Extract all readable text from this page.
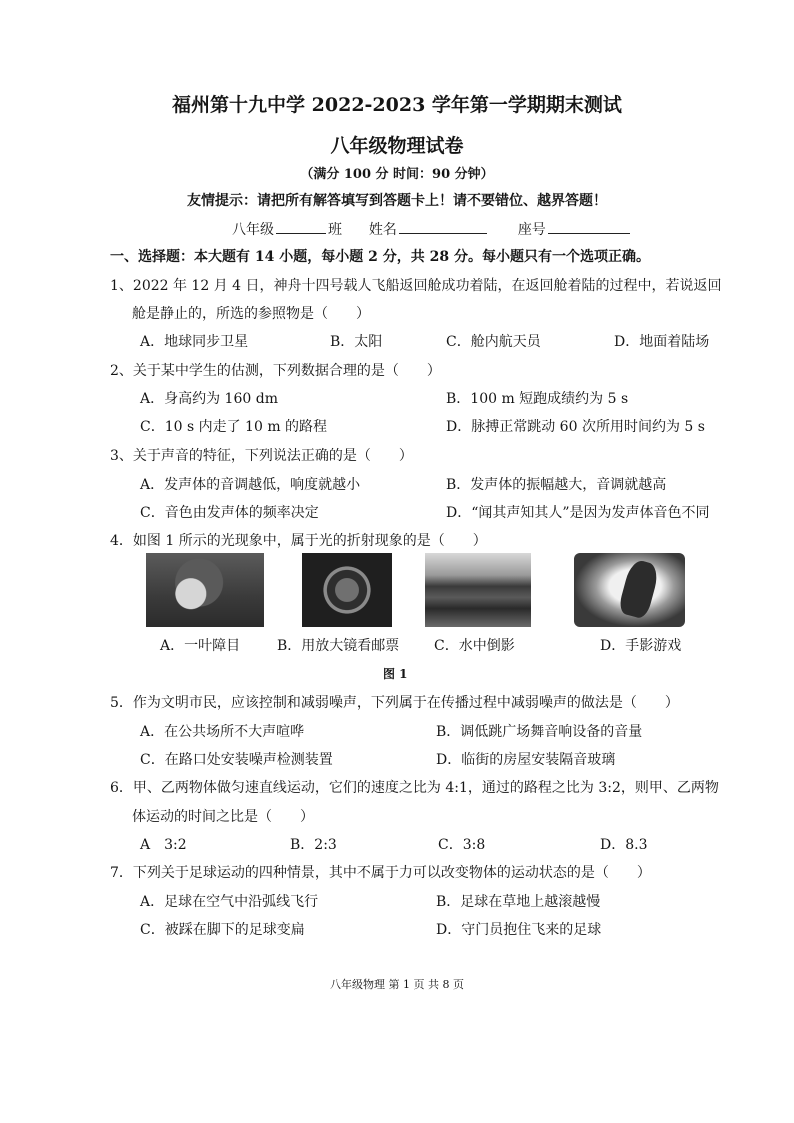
福州第十九中学 2022-2023 学年第一学期期末测试
八年级物理试卷
（满分 100 分 时间：90 分钟）
友情提示：请把所有解答填写到答题卡上！请不要错位、越界答题！
八年级	班 姓名	座号
一、选择题：本大题有 14 小题，每小题 2 分，共 28 分。每小题只有一个选项正确。
1、2022 年 12 月 4 日，神舟十四号载人飞船返回舱成功着陆，在返回舱着陆的过程中，若说返回
舱是静止的，所选的参照物是（　　）
A．地球同步卫星	B．太阳	C．舱内航天员	D．地面着陆场
2、关于某中学生的估测，下列数据合理的是（　　）
A．身高约为 160 dm	B．100 m 短跑成绩约为 5 s
C．10 s 内走了 10 m 的路程	D．脉搏正常跳动 60 次所用时间约为 5 s
3、关于声音的特征，下列说法正确的是（　　）
A．发声体的音调越低，响度就越小	B．发声体的振幅越大，音调就越高
C．音色由发声体的频率决定	D．“闻其声知其人”是因为发声体音色不同
4．如图 1 所示的光现象中，属于光的折射现象的是（　　）
A．一叶障目	B．用放大镜看邮票 C．水中倒影	D．手影游戏
图 1
5．作为文明市民，应该控制和减弱噪声，下列属于在传播过程中减弱噪声的做法是（　　）
A．在公共场所不大声喧哗	B．调低跳广场舞音响设备的音量
C．在路口处安装噪声检测装置	D．临街的房屋安装隔音玻璃
6．甲、乙两物体做匀速直线运动，它们的速度之比为 4:1，通过的路程之比为 3:2，则甲、乙两物
体运动的时间之比是（　　）
A　3:2	B．2:3	C．3:8	D．8.3
7．下列关于足球运动的四种情景，其中不属于力可以改变物体的运动状态的是（　　）
A．足球在空气中沿弧线飞行	B．足球在草地上越滚越慢
C．被踩在脚下的足球变扁	D．守门员抱住飞来的足球
八年级物理 第 1 页 共 8 页
